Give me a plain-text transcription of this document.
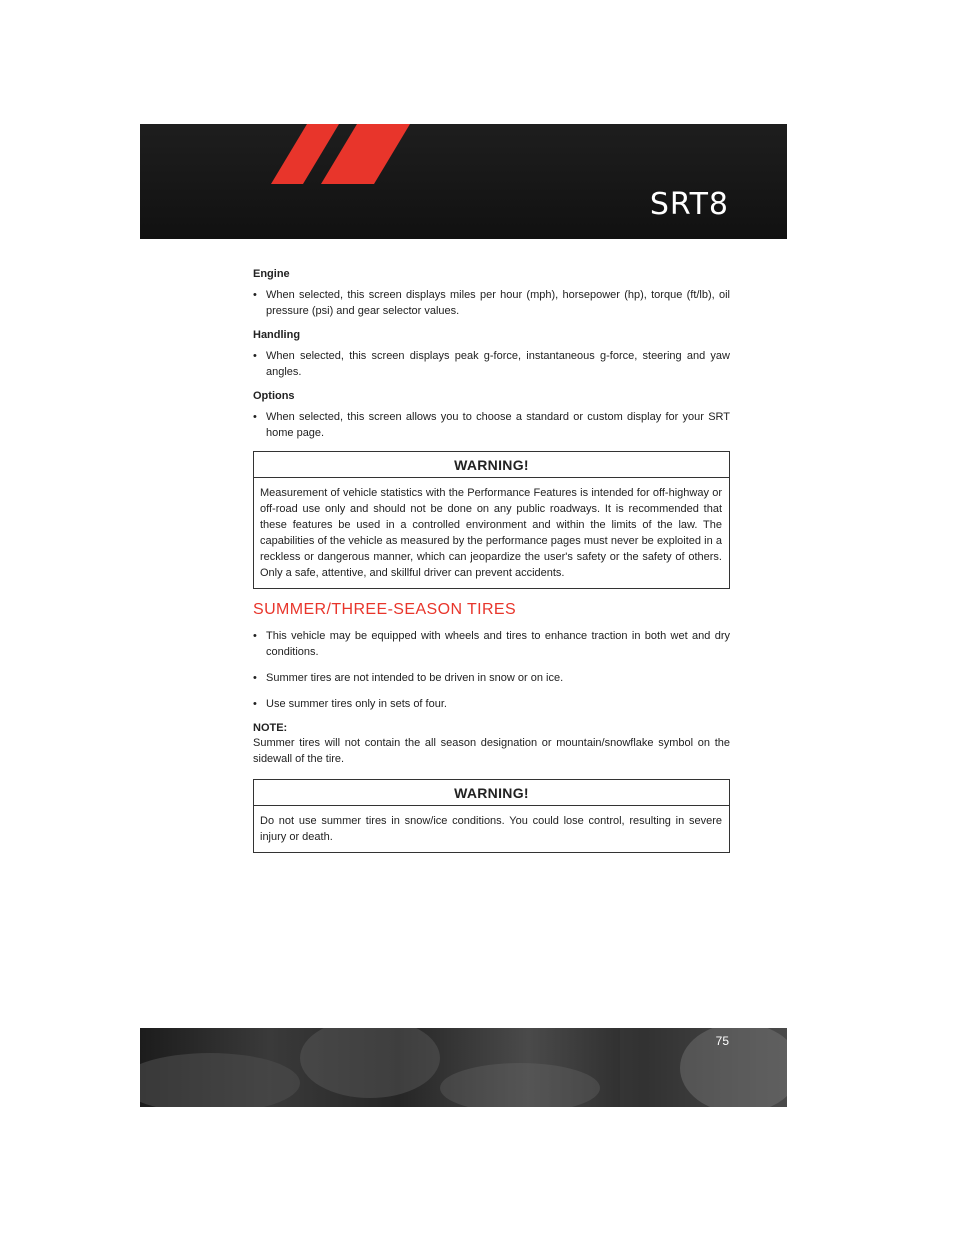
SRT8
Engine
• When selected, this screen displays miles per hour (mph), horsepower (hp), torque (ft/lb), oil pressure (psi) and gear selector values.
Handling
• When selected, this screen displays peak g-force, instantaneous g-force, steering and yaw angles.
Options
• When selected, this screen allows you to choose a standard or custom display for your SRT home page.
WARNING!
Measurement of vehicle statistics with the Performance Features is intended for off-highway or off-road use only and should not be done on any public roadways. It is recommended that these features be used in a controlled environment and within the limits of the law. The capabilities of the vehicle as measured by the performance pages must never be exploited in a reckless or dangerous manner, which can jeopardize the user's safety or the safety of others. Only a safe, attentive, and skillful driver can prevent accidents.
SUMMER/THREE-SEASON TIRES
• This vehicle may be equipped with wheels and tires to enhance traction in both wet and dry conditions.
• Summer tires are not intended to be driven in snow or on ice.
• Use summer tires only in sets of four.
NOTE:
Summer tires will not contain the all season designation or mountain/snowflake symbol on the sidewall of the tire.
WARNING!
Do not use summer tires in snow/ice conditions. You could lose control, resulting in severe injury or death.
75
